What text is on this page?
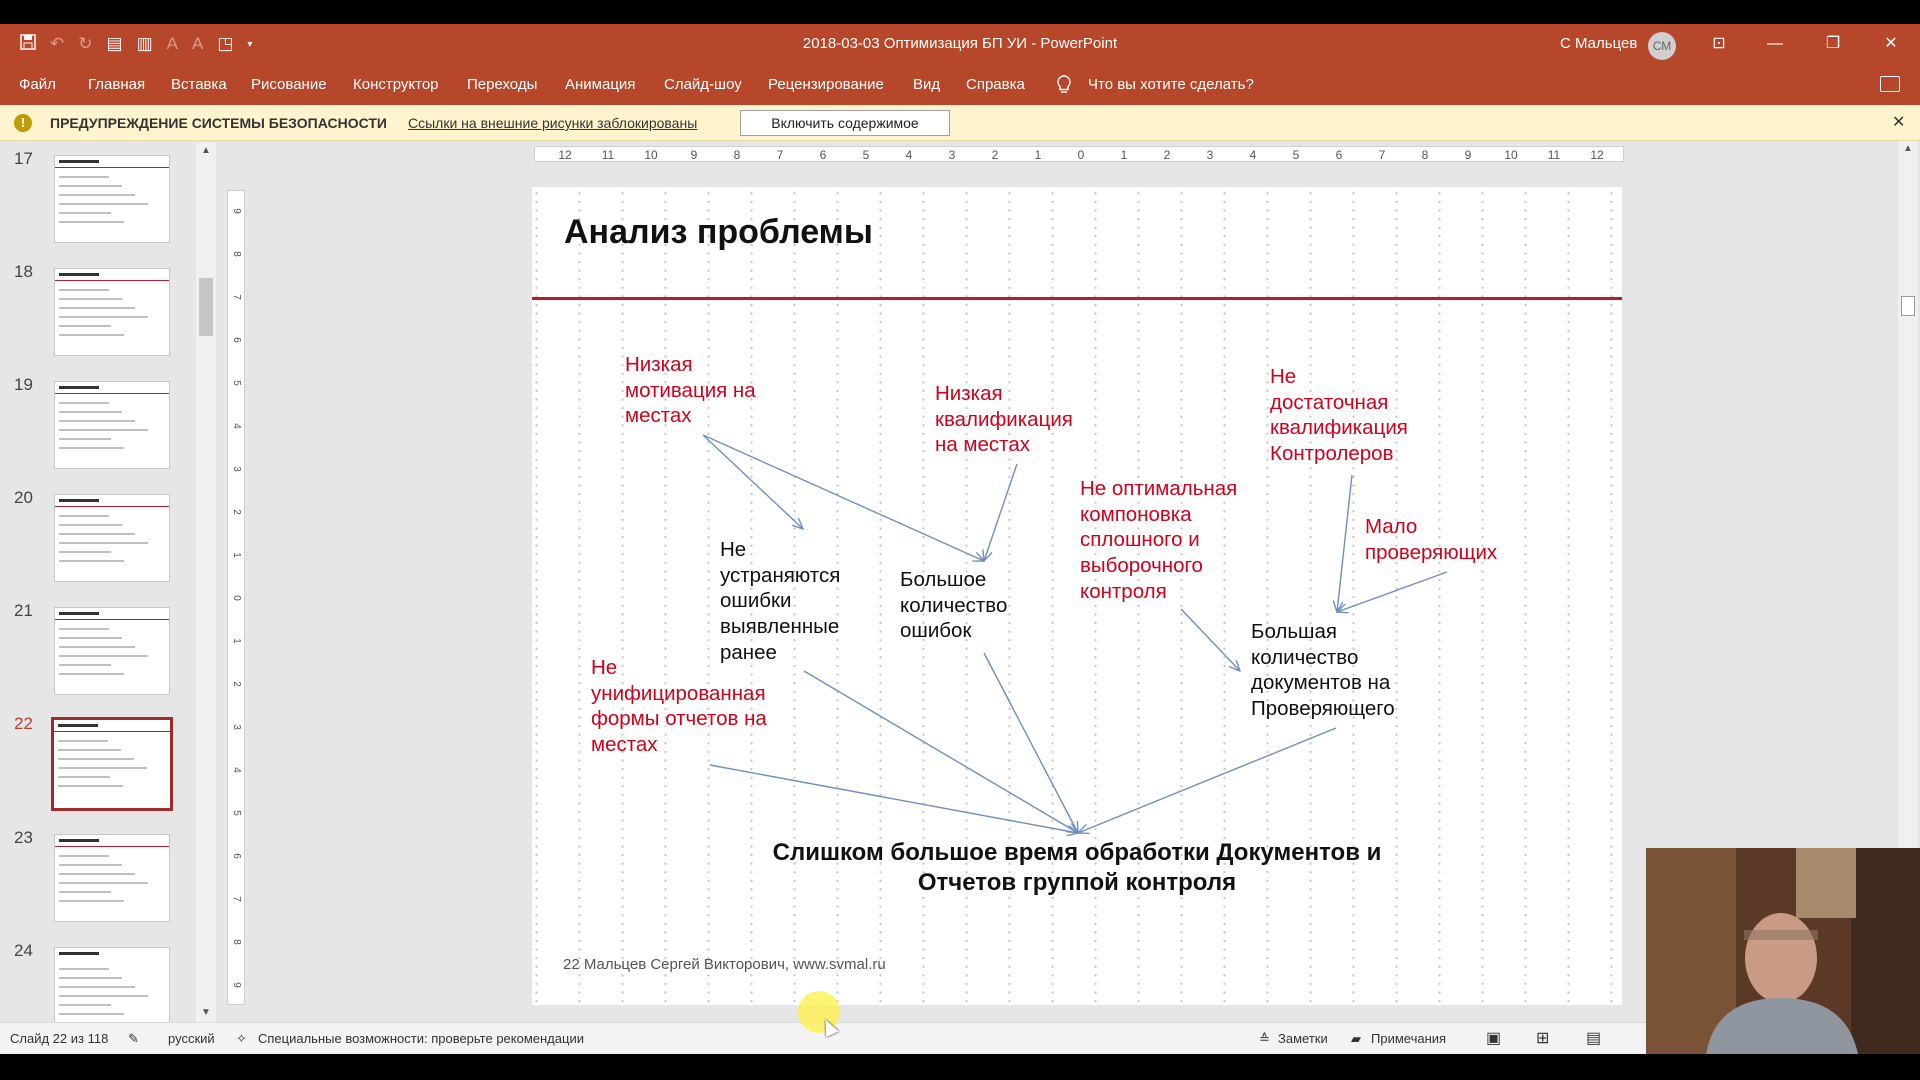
↶ ↻ ▤ ▥ A A ◳ ▾	2018-03-03 Оптимизация БП УИ - PowerPoint	С Мальцев	СМ	⊡	—	❐	✕
Файл Главная Вставка Рисование Конструктор Переходы Анимация Слайд-шоу Рецензирование Вид Справка	Что вы хотите сделать?
!	ПРЕДУПРЕЖДЕНИЕ СИСТЕМЫ БЕЗОПАСНОСТИ Ссылки на внешние рисунки заблокированы	Включить содержимое	✕
17
18
19
20
21
22
23
24
▲
▼
12	11	10	9	8	7	6	5	4	3	2	1	0	1	2	3	4	5	6	7	8	9	10	11	12
9
8
7
6
5
4
3
2
1
0
1
2
3
4
5
6
7
8
9
Анализ проблемы
Низкая
мотивация на
местах
Низкая
квалификация
на местах
Не
достаточная
квалификация
Контролеров
Не оптимальная
компоновка
сплошного и
выборочного
контроля
Мало
проверяющих
Не
унифицированная
формы отчетов на
местах
Не
устраняются
ошибки
выявленные
ранее
Большое
количество
ошибок	Большая
количество
документов на
Проверяющего
Слишком большое время обработки Документов и
Отчетов группой контроля
22 Мальцев Сергей Викторович, www.svmal.ru
▲
Слайд 22 из 118 ✎ русский ✧ Специальные возможности: проверьте рекомендации	≙ Заметки ▰ Примечания ▣ ⊞ ▤
